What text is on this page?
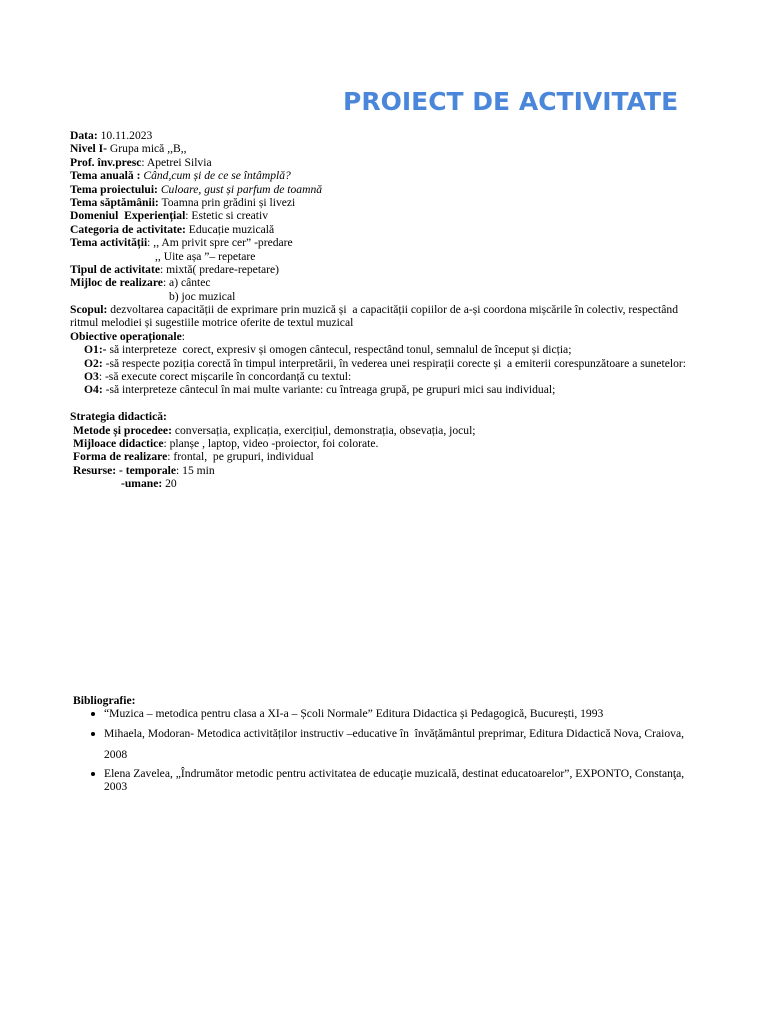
PROIECT DE ACTIVITATE
Data: 10.11.2023
Nivel I- Grupa mică ,,B,,
Prof. înv.presc: Apetrei Silvia
Tema anuală : Când,cum și de ce se întâmplă?
Tema proiectului: Culoare, gust și parfum de toamnă
Tema săptămânii: Toamna prin grădini și livezi
Domeniul  Experiențial: Estetic si creativ
Categoria de activitate: Educație muzicală
Tema activității: ,, Am privit spre cer” -predare
,, Uite așa ”– repetare
Tipul de activitate: mixtă( predare-repetare)
Mijloc de realizare: a) cântec
b) joc muzical
Scopul: dezvoltarea capacității de exprimare prin muzică și  a capacității copiilor de a-și coordona mișcările în colectiv, respectând ritmul melodiei și sugestiile motrice oferite de textul muzical
Obiective operaționale:
O1:- să interpreteze  corect, expresiv și omogen cântecul, respectând tonul, semnalul de început și dicția;
O2: -să respecte poziția corectă în timpul interpretării, în vederea unei respirații corecte și  a emiterii corespunzătoare a sunetelor:
O3: -să execute corect mișcarile în concordanță cu textul:
O4: -să interpreteze cântecul în mai multe variante: cu întreaga grupă, pe grupuri mici sau individual;
Strategia didactică:
Metode și procedee: conversația, explicația, exercițiul, demonstrația, obsevația, jocul;
Mijloace didactice: planșe , laptop, video -proiector, foi colorate.
Forma de realizare: frontal,  pe grupuri, individual
Resurse: - temporale: 15 min
-umane: 20
Bibliografie:
“Muzica – metodica pentru clasa a XI-a – Școli Normale” Editura Didactica și Pedagogică, București, 1993
Mihaela, Modoran- Metodica activităților instructiv –educative în  învățământul preprimar, Editura Didactică Nova, Craiova, 2008
Elena Zavelea, „Îndrumător metodic pentru activitatea de educaţie muzicală, destinat educatoarelor”, EXPONTO, Constanţa, 2003
